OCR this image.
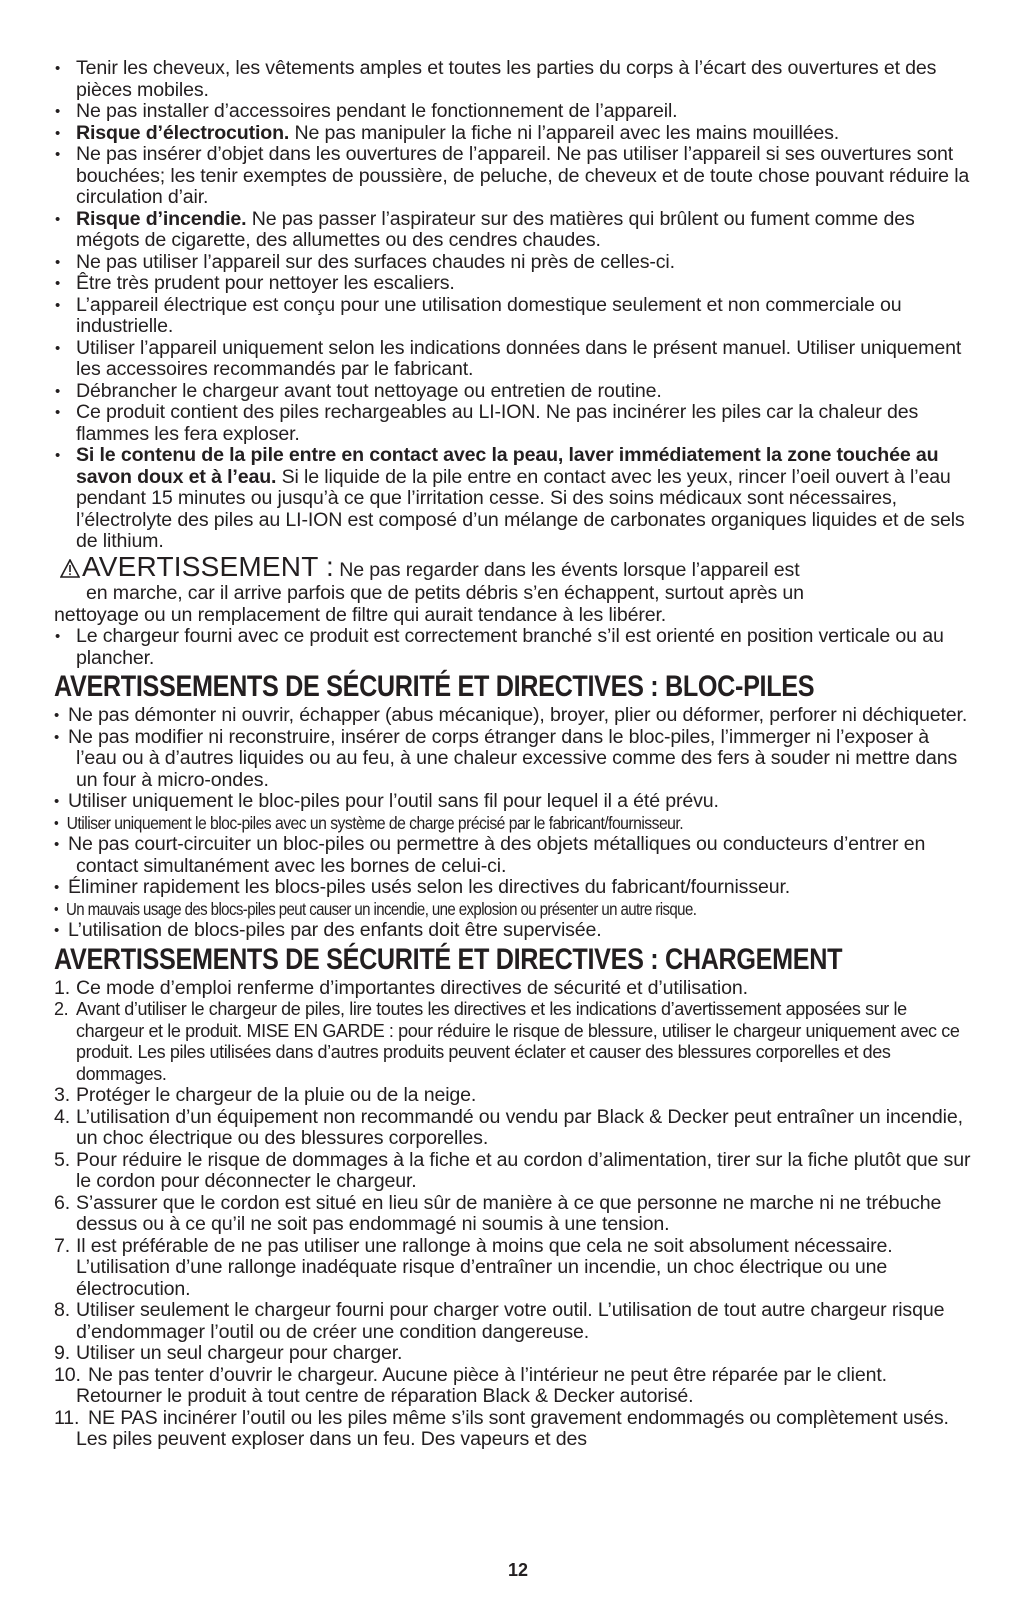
• Tenir les cheveux, les vêtements amples et toutes les parties du corps à l’écart des ouvertures et des pièces mobiles.
• Ne pas installer d’accessoires pendant le fonctionnement de l’appareil.
• Risque d’électrocution. Ne pas manipuler la fiche ni l’appareil avec les mains mouillées.
• Ne pas insérer d’objet dans les ouvertures de l’appareil. Ne pas utiliser l’appareil si ses ouvertures sont bouchées; les tenir exemptes de poussière, de peluche, de cheveux et de toute chose pouvant réduire la circulation d’air.
• Risque d’incendie. Ne pas passer l’aspirateur sur des matières qui brûlent ou fument comme des mégots de cigarette, des allumettes ou des cendres chaudes.
• Ne pas utiliser l’appareil sur des surfaces chaudes ni près de celles-ci.
• Être très prudent pour nettoyer les escaliers.
• L’appareil électrique est conçu pour une utilisation domestique seulement et non commerciale ou industrielle.
• Utiliser l’appareil uniquement selon les indications données dans le présent manuel. Utiliser uniquement les accessoires recommandés par le fabricant.
• Débrancher le chargeur avant tout nettoyage ou entretien de routine.
• Ce produit contient des piles rechargeables au LI-ION. Ne pas incinérer les piles car la chaleur des flammes les fera exploser.
• Si le contenu de la pile entre en contact avec la peau, laver immédiatement la zone touchée au savon doux et à l’eau. Si le liquide de la pile entre en contact avec les yeux, rincer l’oeil ouvert à l’eau pendant 15 minutes ou jusqu’à ce que l’irritation cesse. Si des soins médicaux sont nécessaires, l’électrolyte des piles au LI-ION est composé d’un mélange de carbonates organiques liquides et de sels de lithium.
AVERTISSEMENT : Ne pas regarder dans les évents lorsque l’appareil est
en marche, car il arrive parfois que de petits débris s’en échappent, surtout après un
nettoyage ou un remplacement de filtre qui aurait tendance à les libérer.
• Le chargeur fourni avec ce produit est correctement branché s’il est orienté en position verticale ou au plancher.
AVERTISSEMENTS DE SÉCURITÉ ET DIRECTIVES : BLOC-PILES
• Ne pas démonter ni ouvrir, échapper (abus mécanique), broyer, plier ou déformer, perforer ni déchiqueter.
• Ne pas modifier ni reconstruire, insérer de corps étranger dans le bloc-piles, l’immerger ni l’exposer à l’eau ou à d’autres liquides ou au feu, à une chaleur excessive comme des fers à souder ni mettre dans un four à micro-ondes.
• Utiliser uniquement le bloc-piles pour l’outil sans fil pour lequel il a été prévu.
• Utiliser uniquement le bloc-piles avec un système de charge précisé par le fabricant/fournisseur.
• Ne pas court-circuiter un bloc-piles ou permettre à des objets métalliques ou conducteurs d’entrer en contact simultanément avec les bornes de celui-ci.
• Éliminer rapidement les blocs-piles usés selon les directives du fabricant/fournisseur.
• Un mauvais usage des blocs-piles peut causer un incendie, une explosion ou présenter un autre risque.
• L’utilisation de blocs-piles par des enfants doit être supervisée.
AVERTISSEMENTS DE SÉCURITÉ ET DIRECTIVES : CHARGEMENT
1. Ce mode d’emploi renferme d’importantes directives de sécurité et d’utilisation.
2. Avant d’utiliser le chargeur de piles, lire toutes les directives et les indications d’avertissement apposées sur le chargeur et le produit. MISE EN GARDE : pour réduire le risque de blessure, utiliser le chargeur uniquement avec ce produit. Les piles utilisées dans d’autres produits peuvent éclater et causer des blessures corporelles et des dommages.
3. Protéger le chargeur de la pluie ou de la neige.
4. L’utilisation d’un équipement non recommandé ou vendu par Black & Decker peut entraîner un incendie, un choc électrique ou des blessures corporelles.
5. Pour réduire le risque de dommages à la fiche et au cordon d’alimentation, tirer sur la fiche plutôt que sur le cordon pour déconnecter le chargeur.
6. S’assurer que le cordon est situé en lieu sûr de manière à ce que personne ne marche ni ne trébuche dessus ou à ce qu’il ne soit pas endommagé ni soumis à une tension.
7. Il est préférable de ne pas utiliser une rallonge à moins que cela ne soit absolument nécessaire. L’utilisation d’une rallonge inadéquate risque d’entraîner un incendie, un choc électrique ou une électrocution.
8. Utiliser seulement le chargeur fourni pour charger votre outil. L’utilisation de tout autre chargeur risque d’endommager l’outil ou de créer une condition dangereuse.
9. Utiliser un seul chargeur pour charger.
10. Ne pas tenter d’ouvrir le chargeur. Aucune pièce à l’intérieur ne peut être réparée par le client. Retourner le produit à tout centre de réparation Black & Decker autorisé.
11. NE PAS incinérer l’outil ou les piles même s’ils sont gravement endommagés ou complètement usés. Les piles peuvent exploser dans un feu. Des vapeurs et des
12
